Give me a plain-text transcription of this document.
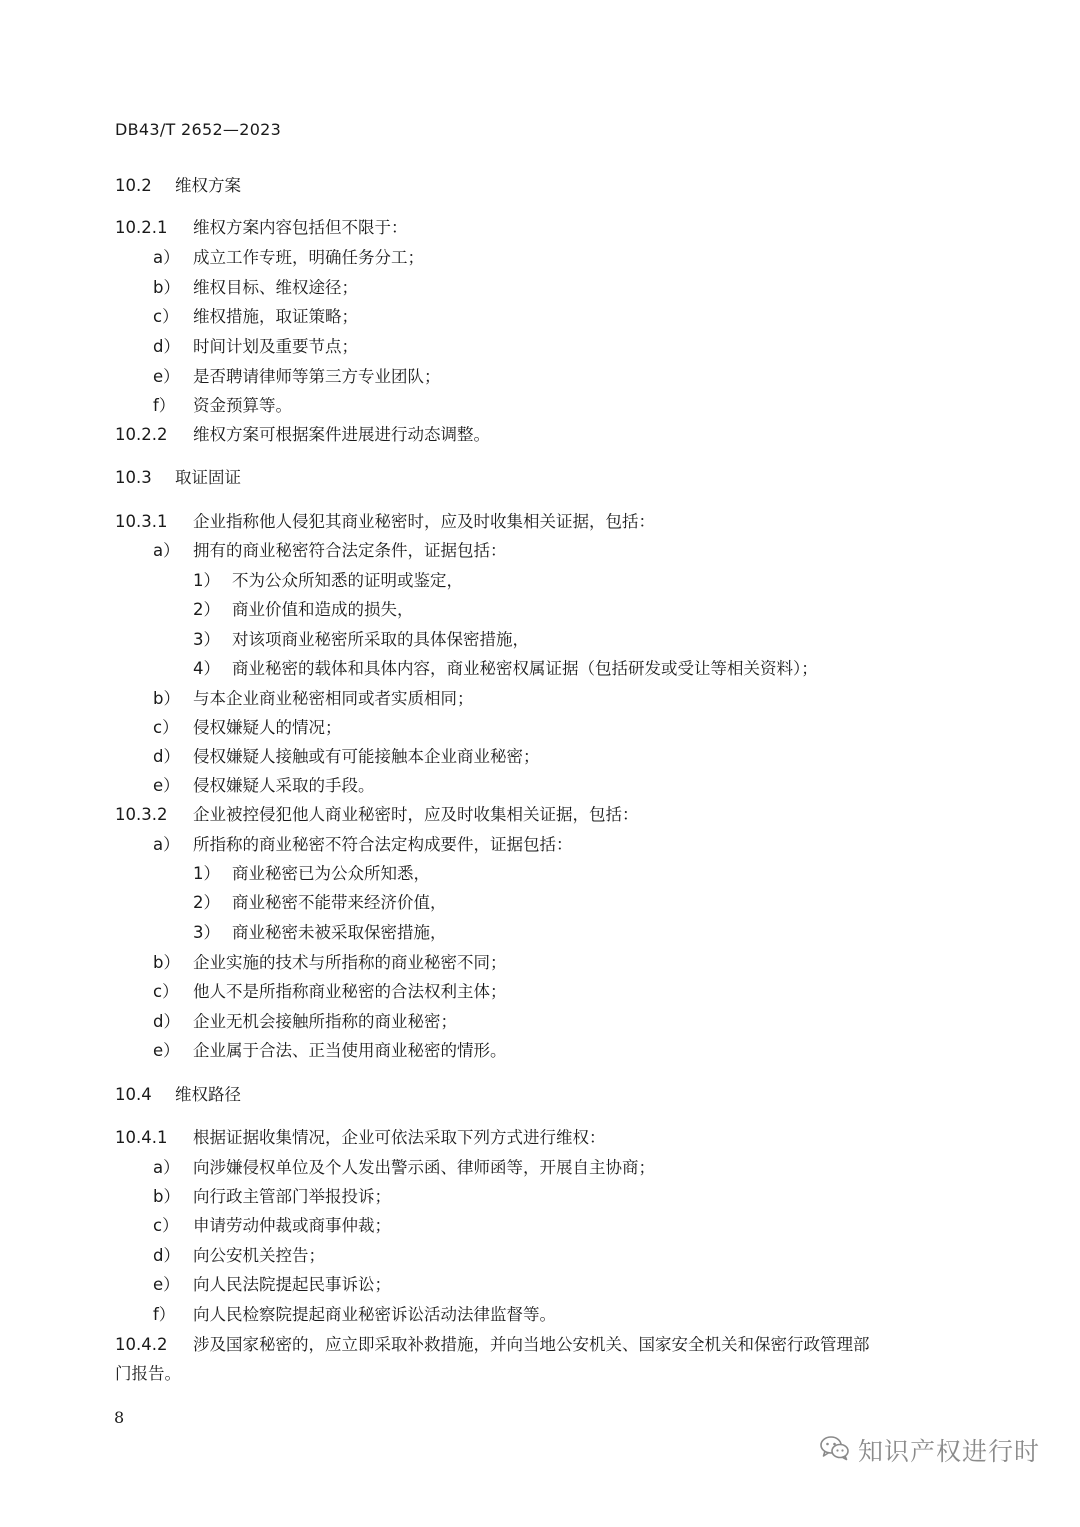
DB43/T 2652—2023
10.2 维权方案
10.2.1 维权方案内容包括但不限于：
a） 成立工作专班，明确任务分工；
b） 维权目标、维权途径；
c） 维权措施，取证策略；
d） 时间计划及重要节点；
e） 是否聘请律师等第三方专业团队；
f） 资金预算等。
10.2.2 维权方案可根据案件进展进行动态调整。
10.3 取证固证
10.3.1 企业指称他人侵犯其商业秘密时，应及时收集相关证据，包括：
a） 拥有的商业秘密符合法定条件，证据包括：
1） 不为公众所知悉的证明或鉴定，
2） 商业价值和造成的损失，
3） 对该项商业秘密所采取的具体保密措施，
4） 商业秘密的载体和具体内容，商业秘密权属证据（包括研发或受让等相关资料）；
b） 与本企业商业秘密相同或者实质相同；
c） 侵权嫌疑人的情况；
d） 侵权嫌疑人接触或有可能接触本企业商业秘密；
e） 侵权嫌疑人采取的手段。
10.3.2 企业被控侵犯他人商业秘密时，应及时收集相关证据，包括：
a） 所指称的商业秘密不符合法定构成要件，证据包括：
1） 商业秘密已为公众所知悉，
2） 商业秘密不能带来经济价值，
3） 商业秘密未被采取保密措施，
b） 企业实施的技术与所指称的商业秘密不同；
c） 他人不是所指称商业秘密的合法权利主体；
d） 企业无机会接触所指称的商业秘密；
e） 企业属于合法、正当使用商业秘密的情形。
10.4 维权路径
10.4.1 根据证据收集情况，企业可依法采取下列方式进行维权：
a） 向涉嫌侵权单位及个人发出警示函、律师函等，开展自主协商；
b） 向行政主管部门举报投诉；
c） 申请劳动仲裁或商事仲裁；
d） 向公安机关控告；
e） 向人民法院提起民事诉讼；
f） 向人民检察院提起商业秘密诉讼活动法律监督等。
10.4.2 涉及国家秘密的，应立即采取补救措施，并向当地公安机关、国家安全机关和保密行政管理部
门报告。
8
知识产权进行时
